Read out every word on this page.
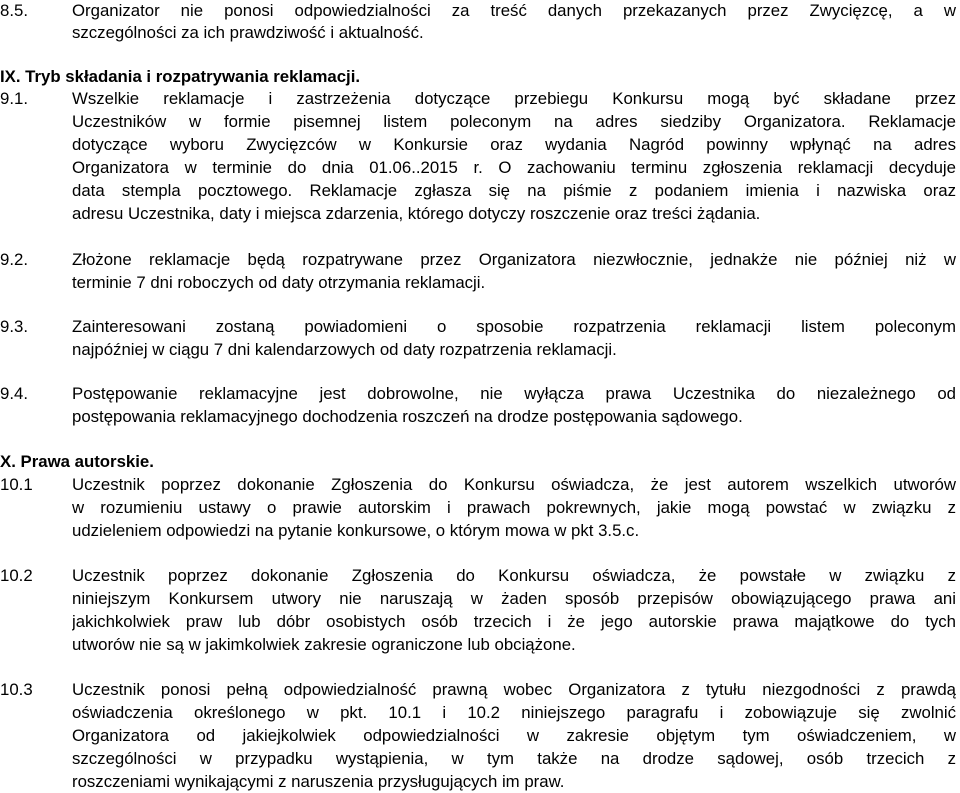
8.5.	Organizator nie ponosi odpowiedzialności za treść danych przekazanych przez Zwycięzcę, a w
szczególności za ich prawdziwość i aktualność.
IX. Tryb składania i rozpatrywania reklamacji.
9.1.	Wszelkie reklamacje i zastrzeżenia dotyczące przebiegu Konkursu mogą być składane przez
Uczestników w formie pisemnej listem poleconym na adres siedziby Organizatora. Reklamacje
dotyczące wyboru Zwycięzców w Konkursie oraz wydania Nagród powinny wpłynąć na adres
Organizatora w terminie do dnia 01.06..2015 r. O zachowaniu terminu zgłoszenia reklamacji decyduje
data stempla pocztowego. Reklamacje zgłasza się na piśmie z podaniem imienia i nazwiska oraz
adresu Uczestnika, daty i miejsca zdarzenia, którego dotyczy roszczenie oraz treści żądania.
9.2.	Złożone reklamacje będą rozpatrywane przez Organizatora niezwłocznie, jednakże nie później niż w
terminie 7 dni roboczych od daty otrzymania reklamacji.
9.3.	Zainteresowani zostaną powiadomieni o sposobie rozpatrzenia reklamacji listem poleconym
najpóźniej w ciągu 7 dni kalendarzowych od daty rozpatrzenia reklamacji.
9.4.	Postępowanie reklamacyjne jest dobrowolne, nie wyłącza prawa Uczestnika do niezależnego od
postępowania reklamacyjnego dochodzenia roszczeń na drodze postępowania sądowego.
X. Prawa autorskie.
10.1 Uczestnik poprzez dokonanie Zgłoszenia do Konkursu oświadcza, że jest autorem wszelkich utworów
w rozumieniu ustawy o prawie autorskim i prawach pokrewnych, jakie mogą powstać w związku z
udzieleniem odpowiedzi na pytanie konkursowe, o którym mowa w pkt 3.5.c.
10.2 Uczestnik poprzez dokonanie Zgłoszenia do Konkursu oświadcza, że powstałe w związku z
niniejszym Konkursem utwory nie naruszają w żaden sposób przepisów obowiązującego prawa ani
jakichkolwiek praw lub dóbr osobistych osób trzecich i że jego autorskie prawa majątkowe do tych
utworów nie są w jakimkolwiek zakresie ograniczone lub obciążone.
10.3 Uczestnik ponosi pełną odpowiedzialność prawną wobec Organizatora z tytułu niezgodności z prawdą
oświadczenia określonego w pkt. 10.1 i 10.2 niniejszego paragrafu i zobowiązuje się zwolnić
Organizatora od jakiejkolwiek odpowiedzialności w zakresie objętym tym oświadczeniem, w
szczególności w przypadku wystąpienia, w tym także na drodze sądowej, osób trzecich z
roszczeniami wynikającymi z naruszenia przysługujących im praw.
